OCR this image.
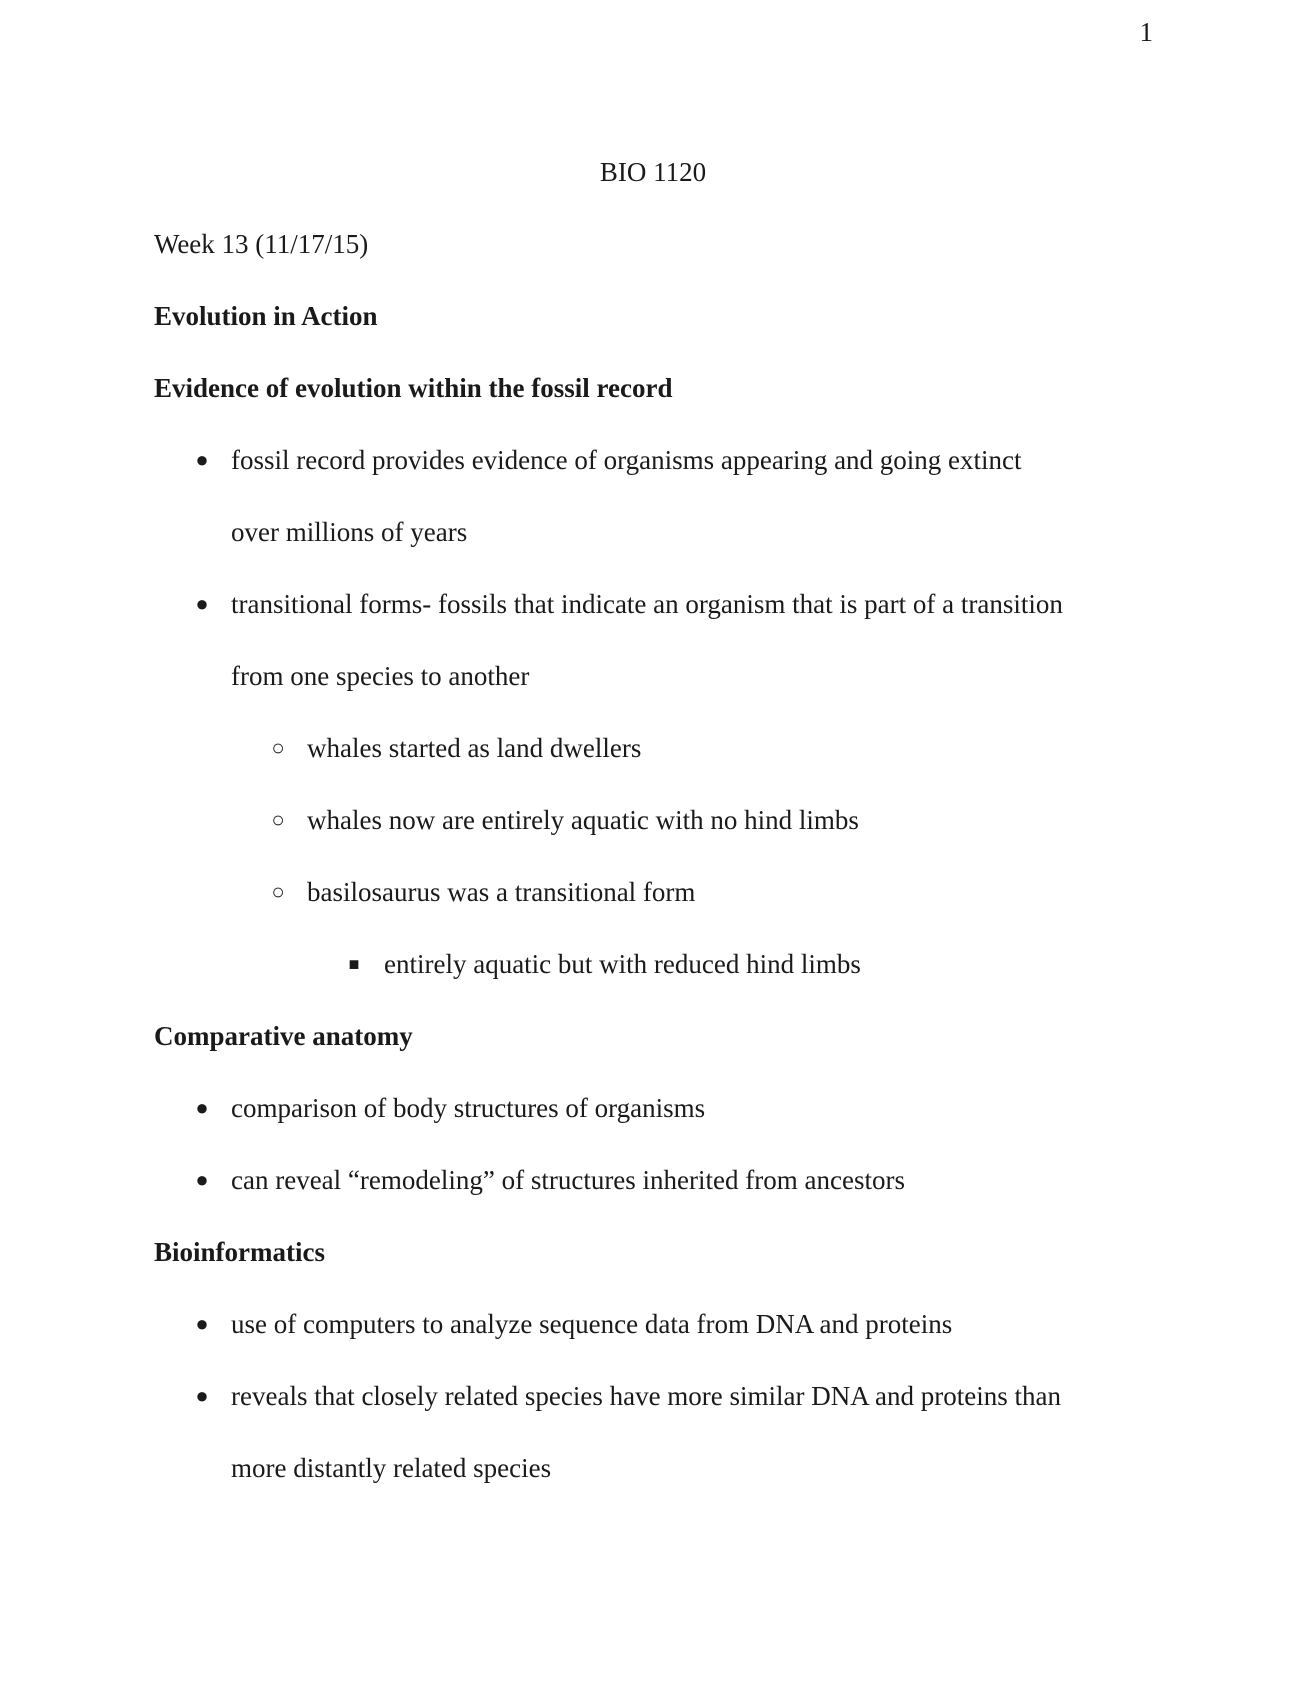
1
BIO 1120
Week 13 (11/17/15)
Evolution in Action
Evidence of evolution within the fossil record
● fossil record provides evidence of organisms appearing and going extinct
over millions of years
● transitional forms- fossils that indicate an organism that is part of a transition
from one species to another
○ whales started as land dwellers
○ whales now are entirely aquatic with no hind limbs
○ basilosaurus was a transitional form
■ entirely aquatic but with reduced hind limbs
Comparative anatomy
● comparison of body structures of organisms
● can reveal “remodeling” of structures inherited from ancestors
Bioinformatics
● use of computers to analyze sequence data from DNA and proteins
● reveals that closely related species have more similar DNA and proteins than
more distantly related species
